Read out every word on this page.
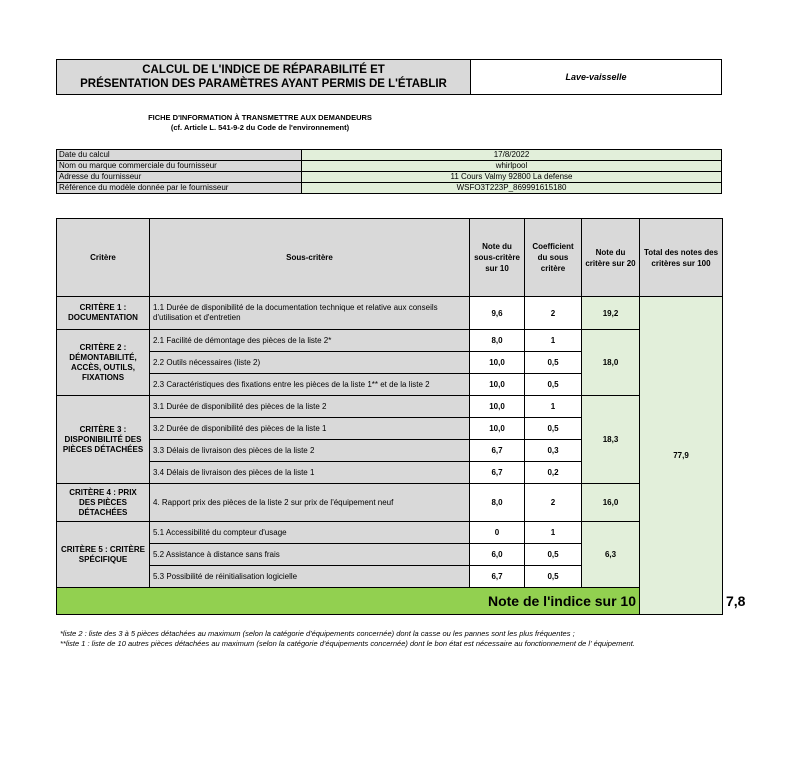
CALCUL DE L'INDICE DE RÉPARABILITÉ ET
PRÉSENTATION DES PARAMÈTRES AYANT PERMIS DE L'ÉTABLIR
Lave-vaisselle
FICHE D'INFORMATION À TRANSMETTRE AUX DEMANDEURS
(cf. Article L. 541-9-2 du Code de l'environnement)
Date du calcul	17/8/2022
Nom ou marque commerciale du fournisseur	whirlpool
Adresse du fournisseur	11 Cours Valmy 92800 La defense
Référence du modèle donnée par le fournisseur	WSFO3T223P_869991615180
Critère	Sous-critère	Note du sous-critère sur 10	Coefficient du sous critère	Note du critère sur 20	Total des notes des critères sur 100	
CRITÈRE 1 : DOCUMENTATION	1.1 Durée de disponibilité de la documentation technique et relative aux conseils d'utilisation et d'entretien	9,6	2	19,2	77,9	
CRITÈRE 2 : DÉMONTABILITÉ, ACCÈS, OUTILS, FIXATIONS	2.1 Facilité de démontage des pièces de la liste 2*	8,0	1	18,0		
	2.2 Outils nécessaires (liste 2)	10,0	0,5			
	2.3 Caractéristiques des fixations entre les pièces de la liste 1** et de la liste 2	10,0	0,5			
CRITÈRE 3 : DISPONIBILITÉ DES PIÈCES DÉTACHÉES	3.1 Durée de disponibilité des pièces de la liste 2	10,0	1	18,3		
	3.2 Durée de disponibilité des pièces de la liste 1	10,0	0,5			
	3.3 Délais de livraison des pièces de la liste 2	6,7	0,3			
	3.4 Délais de livraison des pièces de la liste 1	6,7	0,2			
CRITÈRE 4 : PRIX DES PIÈCES DÉTACHÉES	4. Rapport prix des pièces de la liste 2 sur prix de l'équipement neuf	8,0	2	16,0		
CRITÈRE 5 : CRITÈRE SPÉCIFIQUE	5.1 Accessibilité du compteur d'usage	0	1	6,3		
	5.2 Assistance à distance sans frais	6,0	0,5			
	5.3 Possibilité de réinitialisation logicielle	6,7	0,5			
Note de l'indice sur 10						7,8
*liste 2 : liste des 3 à 5 pièces détachées au maximum (selon la catégorie d'équipements concernée) dont la casse ou les pannes sont les plus fréquentes ;
**liste 1 : liste de 10 autres pièces détachées au maximum (selon la catégorie d'équipements concernée) dont le bon état est nécessaire au fonctionnement de l' équipement.
